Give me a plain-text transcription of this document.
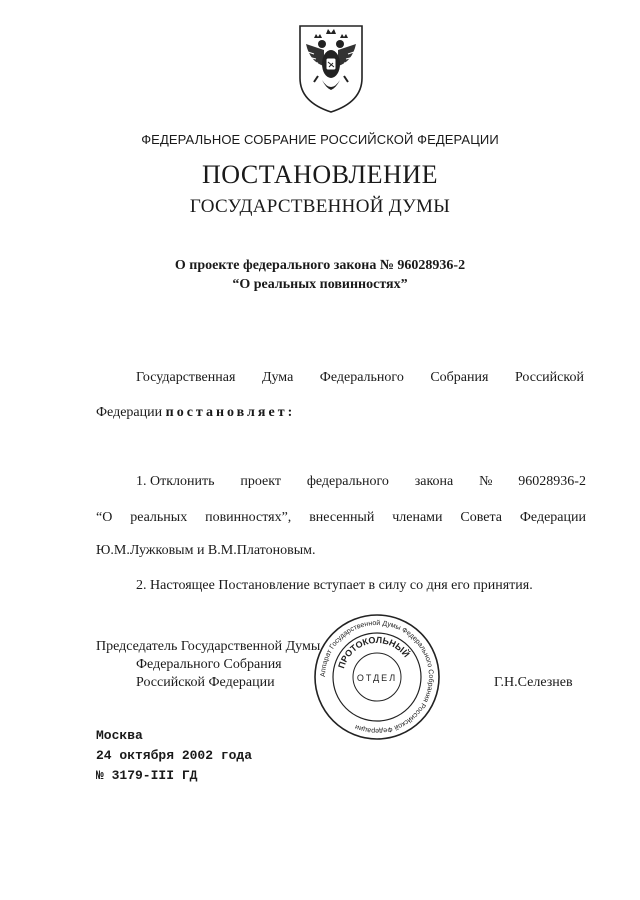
ФЕДЕРАЛЬНОЕ СОБРАНИЕ РОССИЙСКОЙ ФЕДЕРАЦИИ
ПОСТАНОВЛЕНИЕ
ГОСУДАРСТВЕННОЙ ДУМЫ
О проекте федерального закона № 96028936-2
“О реальных повинностях”
Государственная Дума Федерального Собрания Российской
Федерации постановляет:
1. Отклонить проект федерального закона № 96028936-2
“О реальных повинностях”, внесенный членами Совета Федерации
Ю.М.Лужковым и В.М.Платоновым.
2. Настоящее Постановление вступает в силу со дня его принятия.
Председатель Государственной Думы
Федерального Собрания
Российской Федерации	Г.Н.Селезнев
Аппарат Государственной Думы Федерального Собрания Российской Федерации
ПРОТОКОЛЬНЫЙ
ОТДЕЛ
Москва
24 октября 2002 года
№ 3179-III ГД
